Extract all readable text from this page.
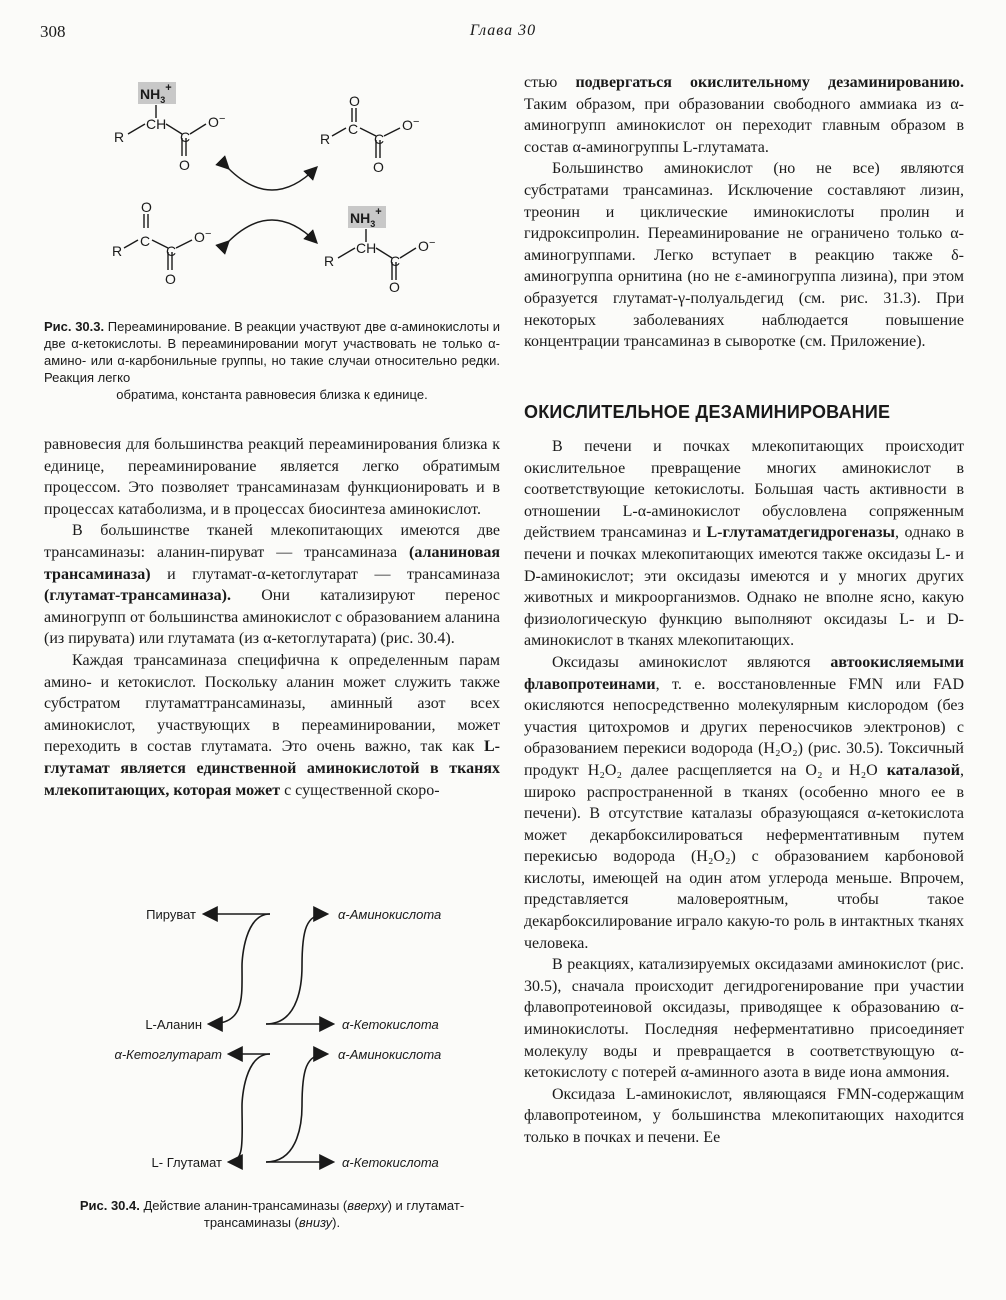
308	Глава 30
$NH_3^+$
CH
R	C
O −
O
O
C
R	C
O −
O
O
C
R	C
O −
O
$NH_3^+$
CH
R	C
O −
O
Рис. 30.3. Переаминирование. В реакции участвуют две α-аминокислоты и две α-кетокислоты. В переаминировании могут участвовать не только α-амино- или α-карбонильные группы, но такие случаи относительно редки. Реакция легко
обратима, константа равновесия близка к единице.

равновесия для большинства реакций переаминирования близка к единице, переаминирование является легко обратимым процессом. Это позволяет трансаминазам функционировать и в процессах катаболизма, и в процессах биосинтеза аминокислот.

В большинстве тканей млекопитающих имеются две трансаминазы: аланин-пируват — трансаминаза (аланиновая трансаминаза) и глутамат-α-кетоглутарат — трансаминаза (глутамат-трансаминаза). Они катализируют перенос аминогрупп от большинства аминокислот с образованием аланина (из пирувата) или глутамата (из α-кетоглутарата) (рис. 30.4).

Каждая трансаминаза специфична к определенным парам амино- и кетокислот. Поскольку аланин может служить также субстратом глутаматтрансаминазы, аминный азот всех аминокислот, участвующих в переаминировании, может переходить в состав глутамата. Это очень важно, так как L-глутамат является единственной аминокислотой в тканях млекопитающих, которая может с существенной скоро-

Пируват
L-Аланин
α-Аминокислота
α-Кетокислота
α-Кетоглутарат
L- Глутамат
α-Аминокислота
α-Кетокислота
Рис. 30.4. Действие аланин-трансаминазы (вверху) и глутамат-трансаминазы (внизу).

стью подвергаться окислительному дезаминированию. Таким образом, при образовании свободного аммиака из α-аминогрупп аминокислот он переходит главным образом в состав α-аминогруппы L-глутамата.

Большинство аминокислот (но не все) являются субстратами трансаминаз. Исключение составляют лизин, треонин и циклические иминокислоты пролин и гидроксипролин. Переаминирование не ограничено только α-аминогруппами. Легко вступает в реакцию также δ-аминогруппа орнитина (но не ε-аминогруппа лизина), при этом образуется глутамат-γ-полуальдегид (см. рис. 31.3). При некоторых заболеваниях наблюдается повышение концентрации трансаминаз в сыворотке (см. Приложение).

ОКИСЛИТЕЛЬНОЕ ДЕЗАМИНИРОВАНИЕ

В печени и почках млекопитающих происходит окислительное превращение многих аминокислот в соответствующие кетокислоты. Большая часть активности в отношении L-α-аминокислот обусловлена сопряженным действием трансаминаз и L-глутаматдегидрогеназы, однако в печени и почках млекопитающих имеются также оксидазы L- и D-аминокислот; эти оксидазы имеются и у многих других животных и микроорганизмов. Однако не вполне ясно, какую физиологическую функцию выполняют оксидазы L- и D-аминокислот в тканях млекопитающих.

Оксидазы аминокислот являются автоокисляемыми флавопротеинами, т. е. восстановленные FMN или FAD окисляются непосредственно молекулярным кислородом (без участия цитохромов и других переносчиков электронов) с образованием перекиси водорода (H₂O₂) (рис. 30.5). Токсичный продукт H₂O₂ далее расщепляется на O₂ и H₂O каталазой, широко распространенной в тканях (особенно много ее в печени). В отсутствие каталазы образующаяся α-кетокислота может декарбоксилироваться неферментативным путем перекисью водорода (H₂O₂) с образованием карбоновой кислоты, имеющей на один атом углерода меньше. Впрочем, представляется маловероятным, чтобы такое декарбоксилирование играло какую-то роль в интактных тканях человека.

В реакциях, катализируемых оксидазами аминокислот (рис. 30.5), сначала происходит дегидрогенирование при участии флавопротеиновой оксидазы, приводящее к образованию α-иминокислоты. Последняя неферментативно присоединяет молекулу воды и превращается в соответствующую α-кетокислоту с потерей α-аминного азота в виде иона аммония.

Оксидаза L-аминокислот, являющаяся FMN-содержащим флавопротеином, у большинства млекопитающих находится только в почках и печени. Ее
